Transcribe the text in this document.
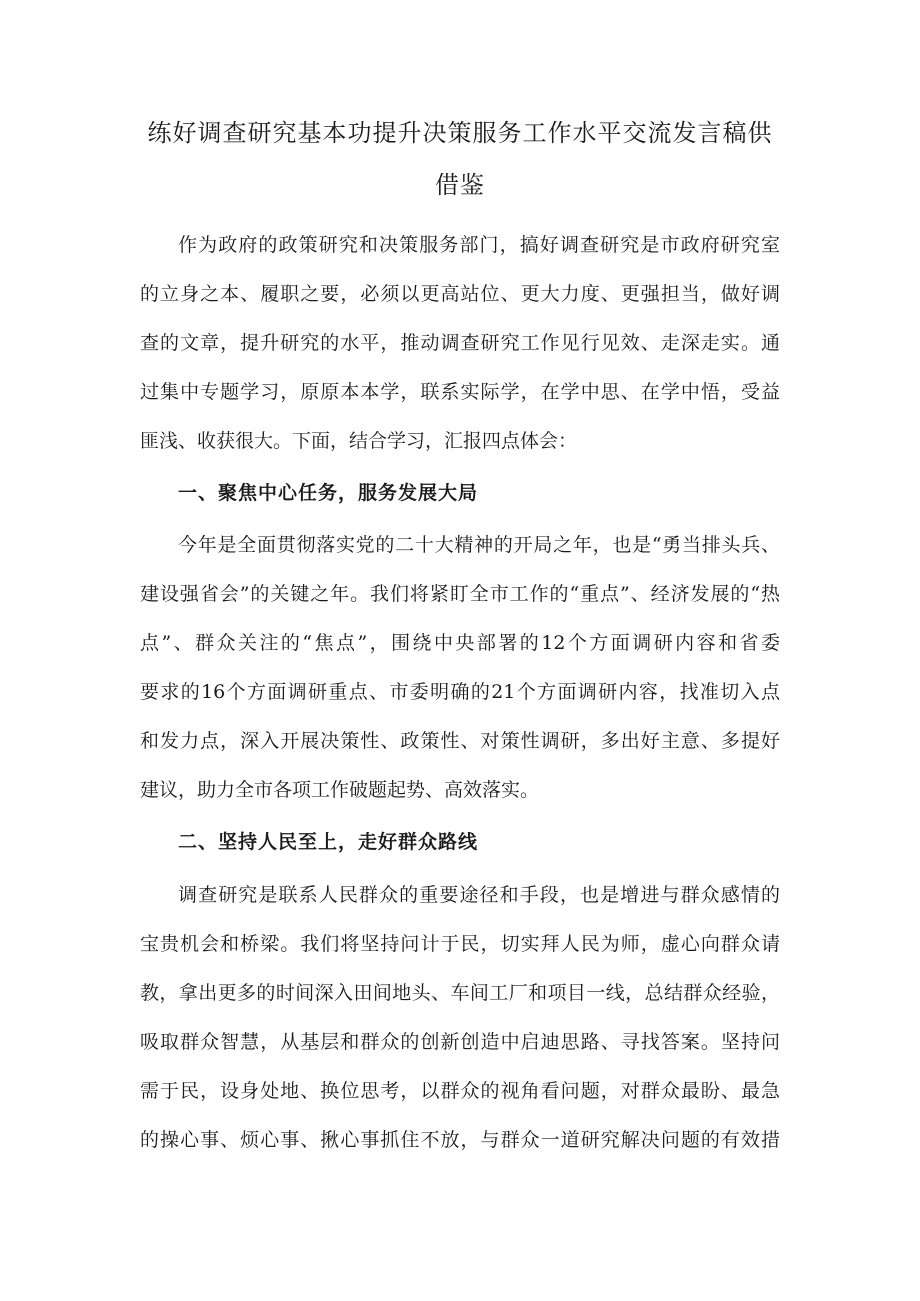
练好调查研究基本功提升决策服务工作水平交流发言稿供
借鉴

作为政府的政策研究和决策服务部门，搞好调查研究是市政府研究室

的立身之本、履职之要，必须以更高站位、更大力度、更强担当，做好调

查的文章，提升研究的水平，推动调查研究工作见行见效、走深走实。通

过集中专题学习，原原本本学，联系实际学，在学中思、在学中悟，受益

匪浅、收获很大。下面，结合学习，汇报四点体会：

一、聚焦中心任务，服务发展大局

今年是全面贯彻落实党的二十大精神的开局之年，也是“勇当排头兵、

建设强省会”的关键之年。我们将紧盯全市工作的“重点”、经济发展的“热

点”、群众关注的“焦点”，围绕中央部署的12个方面调研内容和省委

要求的16个方面调研重点、市委明确的21个方面调研内容，找准切入点

和发力点，深入开展决策性、政策性、对策性调研，多出好主意、多提好

建议，助力全市各项工作破题起势、高效落实。

二、坚持人民至上，走好群众路线

调查研究是联系人民群众的重要途径和手段，也是增进与群众感情的

宝贵机会和桥梁。我们将坚持问计于民，切实拜人民为师，虚心向群众请

教，拿出更多的时间深入田间地头、车间工厂和项目一线，总结群众经验，

吸取群众智慧，从基层和群众的创新创造中启迪思路、寻找答案。坚持问

需于民，设身处地、换位思考，以群众的视角看问题，对群众最盼、最急

的操心事、烦心事、揪心事抓住不放，与群众一道研究解决问题的有效措
